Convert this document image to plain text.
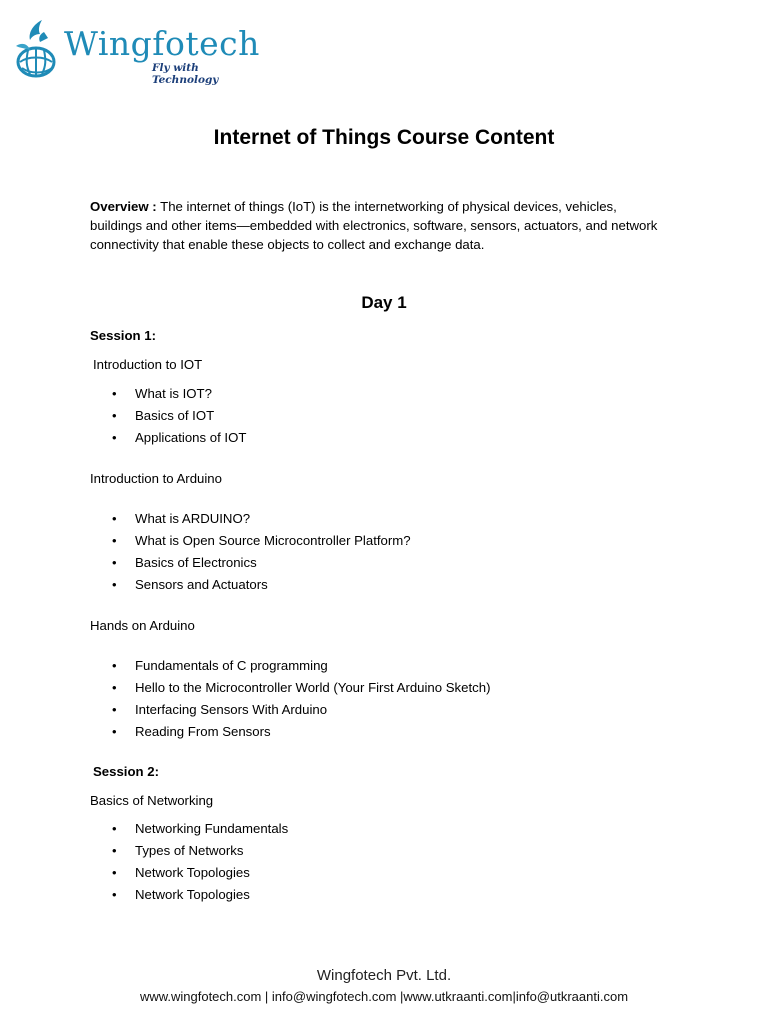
Wingfotech
Fly with Technology
Internet of Things Course Content

Overview : The internet of things (IoT) is the internetworking of physical devices, vehicles, buildings and other items—embedded with electronics, software, sensors, actuators, and network connectivity that enable these objects to collect and exchange data.

Day 1
Session 1:
Introduction to IOT
• What is IOT?
• Basics of IOT
• Applications of IOT
Introduction to Arduino
• What is ARDUINO?
• What is Open Source Microcontroller Platform?
• Basics of Electronics
• Sensors and Actuators
Hands on Arduino
• Fundamentals of C programming
• Hello to the Microcontroller World (Your First Arduino Sketch)
• Interfacing Sensors With Arduino
• Reading From Sensors
Session 2:
Basics of Networking
• Networking Fundamentals
• Types of Networks
• Network Topologies
• Network Topologies

Wingfotech Pvt. Ltd.

www.wingfotech.com | info@wingfotech.com |www.utkraanti.com|info@utkraanti.com
